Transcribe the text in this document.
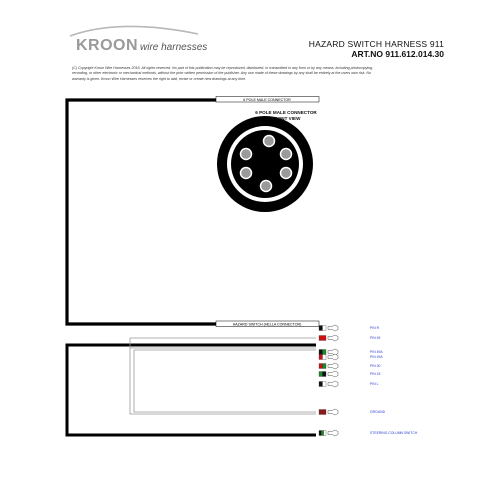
KROON wire harnesses	HAZARD SWITCH HARNESS 911
ART.NO 911.612.014.30
(C) Copyright Kroon Wire Harnesses 2016. All rights reserved. No part of this publication may be reproduced, distributed, or transmitted in any form or by any means, including photocopying, recording, or other electronic or mechanical methods, without the prior written permission of the publisher. Any use made of these drawings by any shall be entirely at the users own risk. No warranty is given. Kroon Wire Harnesses reserves the right to add, revise or create new drawings at any time.
6 POLE MALE CONNECTOR
HAZARD SWITCH (HELLA CONNECTOR)
6 POLE MALE CONNECTOR
FRONT VIEW
PIN R
PIN 49
PIN 49A
PIN 49A
PIN 30
PIN 15
PIN L
GROUND
STEERING COLUMN SWITCH
